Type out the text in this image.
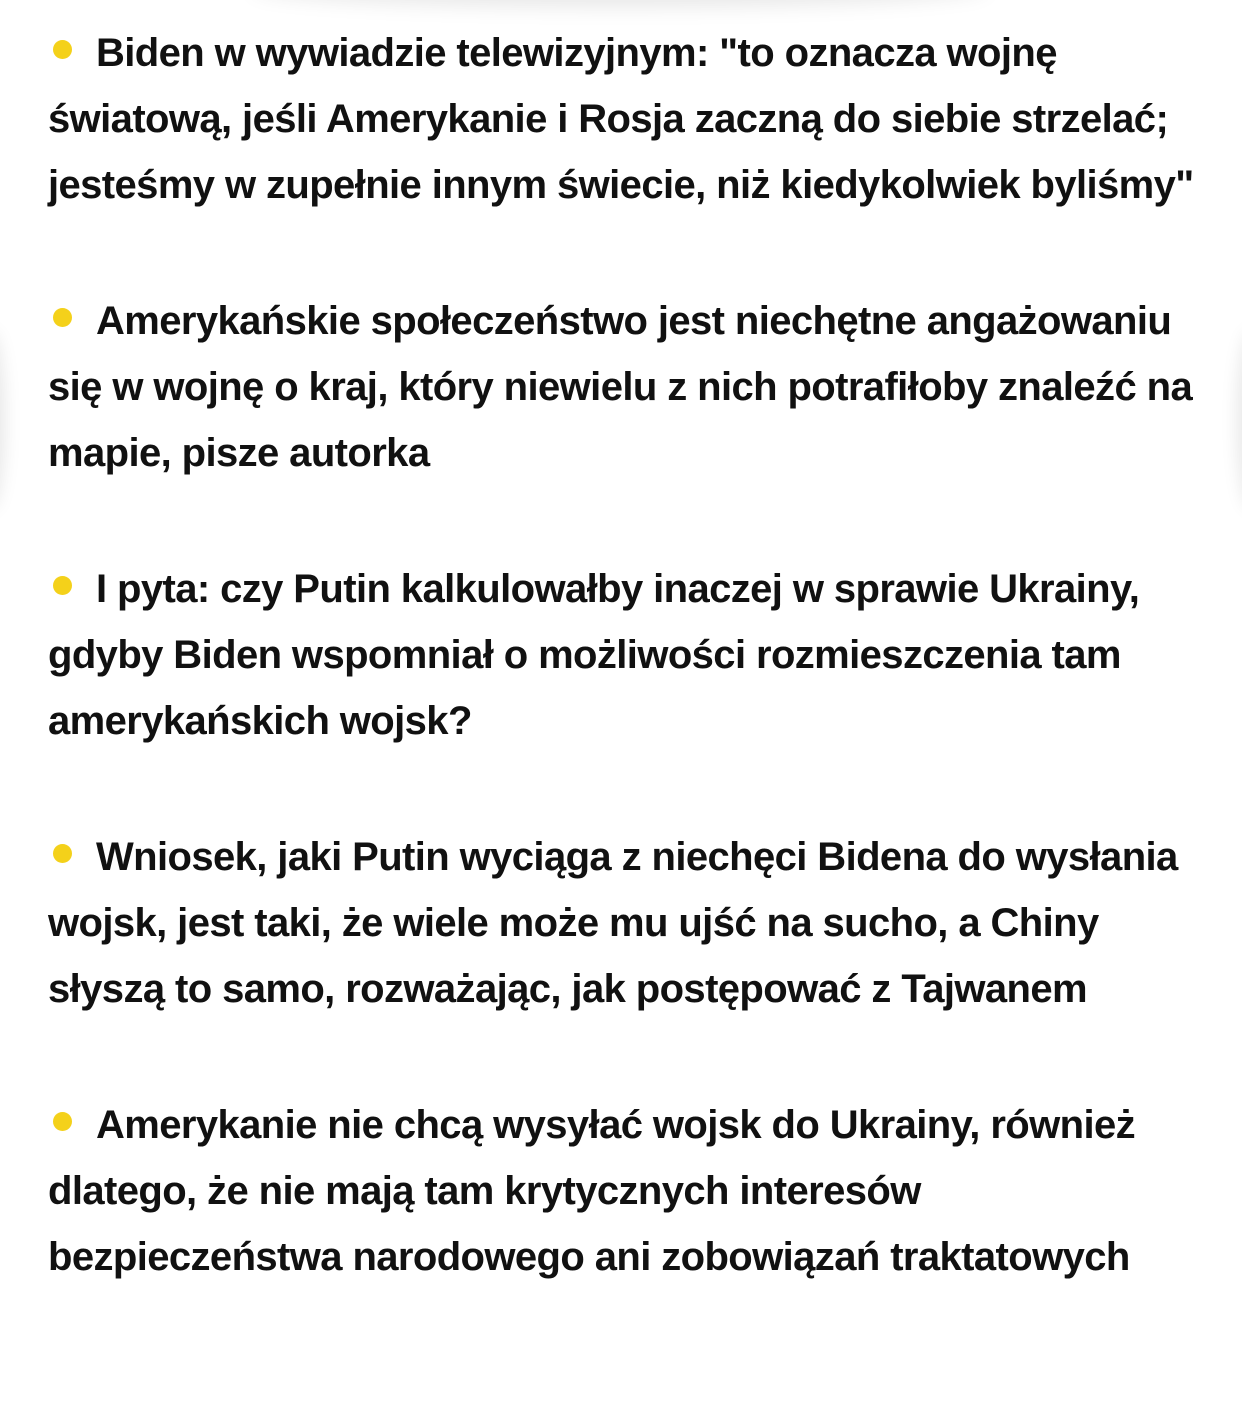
Biden w wywiadzie telewizyjnym: "to oznacza wojnę światową, jeśli Amerykanie i Rosja zaczną do siebie strzelać; jesteśmy w zupełnie innym świecie, niż kiedykolwiek byliśmy"
Amerykańskie społeczeństwo jest niechętne angażowaniu się w wojnę o kraj, który niewielu z nich potrafiłoby znaleźć na mapie, pisze autorka
I pyta: czy Putin kalkulowałby inaczej w sprawie Ukrainy, gdyby Biden wspomniał o możliwości rozmieszczenia tam amerykańskich wojsk?
Wniosek, jaki Putin wyciąga z niechęci Bidena do wysłania wojsk, jest taki, że wiele może mu ujść na sucho, a Chiny słyszą to samo, rozważając, jak postępować z Tajwanem
Amerykanie nie chcą wysyłać wojsk do Ukrainy, również dlatego, że nie mają tam krytycznych interesów bezpieczeństwa narodowego ani zobowiązań traktatowych
